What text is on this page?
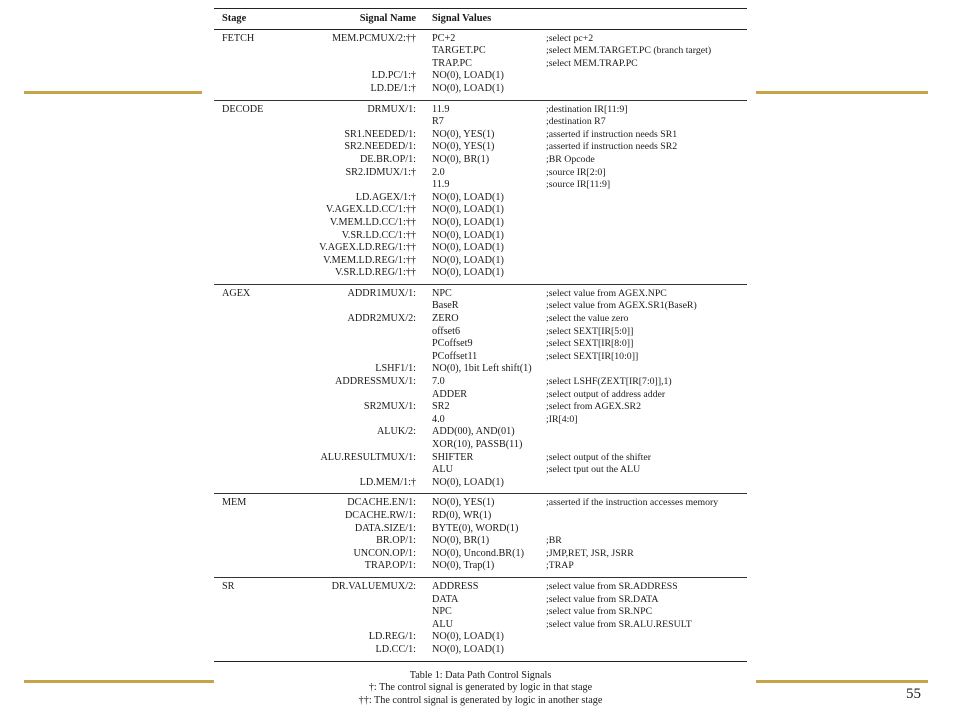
Stage	Signal Name	Signal Values	
FETCH	MEM.PCMUX/2:††	PC+2	;select pc+2
		TARGET.PC	;select MEM.TARGET.PC (branch target)
		TRAP.PC	;select MEM.TRAP.PC
	LD.PC/1:†	NO(0), LOAD(1)	
	LD.DE/1:†	NO(0), LOAD(1)	
DECODE	DRMUX/1:	11.9	;destination IR[11:9]
		R7	;destination R7
	SR1.NEEDED/1:	NO(0), YES(1)	;asserted if instruction needs SR1
	SR2.NEEDED/1:	NO(0), YES(1)	;asserted if instruction needs SR2
	DE.BR.OP/1:	NO(0), BR(1)	;BR Opcode
	SR2.IDMUX/1:†	2.0	;source IR[2:0]
		11.9	;source IR[11:9]
	LD.AGEX/1:†	NO(0), LOAD(1)	
	V.AGEX.LD.CC/1:††	NO(0), LOAD(1)	
	V.MEM.LD.CC/1:††	NO(0), LOAD(1)	
	V.SR.LD.CC/1:††	NO(0), LOAD(1)	
	V.AGEX.LD.REG/1:††	NO(0), LOAD(1)	
	V.MEM.LD.REG/1:††	NO(0), LOAD(1)	
	V.SR.LD.REG/1:††	NO(0), LOAD(1)	
AGEX	ADDR1MUX/1:	NPC	;select value from AGEX.NPC
		BaseR	;select value from AGEX.SR1(BaseR)
	ADDR2MUX/2:	ZERO	;select the value zero
		offset6	;select SEXT[IR[5:0]]
		PCoffset9	;select SEXT[IR[8:0]]
		PCoffset11	;select SEXT[IR[10:0]]
	LSHF1/1:	NO(0), 1bit Left shift(1)	
	ADDRESSMUX/1:	7.0	;select LSHF(ZEXT[IR[7:0]],1)
		ADDER	;select output of address adder
	SR2MUX/1:	SR2	;select from AGEX.SR2
		4.0	;IR[4:0]
	ALUK/2:	ADD(00), AND(01)	
		XOR(10), PASSB(11)	
	ALU.RESULTMUX/1:	SHIFTER	;select output of the shifter
		ALU	;select tput out the ALU
	LD.MEM/1:†	NO(0), LOAD(1)	
MEM	DCACHE.EN/1:	NO(0), YES(1)	;asserted if the instruction accesses memory
	DCACHE.RW/1:	RD(0), WR(1)	
	DATA.SIZE/1:	BYTE(0), WORD(1)	
	BR.OP/1:	NO(0), BR(1)	;BR
	UNCON.OP/1:	NO(0), Uncond.BR(1)	;JMP,RET, JSR, JSRR
	TRAP.OP/1:	NO(0), Trap(1)	;TRAP
SR	DR.VALUEMUX/2:	ADDRESS	;select value from SR.ADDRESS
		DATA	;select value from SR.DATA
		NPC	;select value from SR.NPC
		ALU	;select value from SR.ALU.RESULT
	LD.REG/1:	NO(0), LOAD(1)	
	LD.CC/1:	NO(0), LOAD(1)	
Table 1: Data Path Control Signals
†: The control signal is generated by logic in that stage
††: The control signal is generated by logic in another stage	55
